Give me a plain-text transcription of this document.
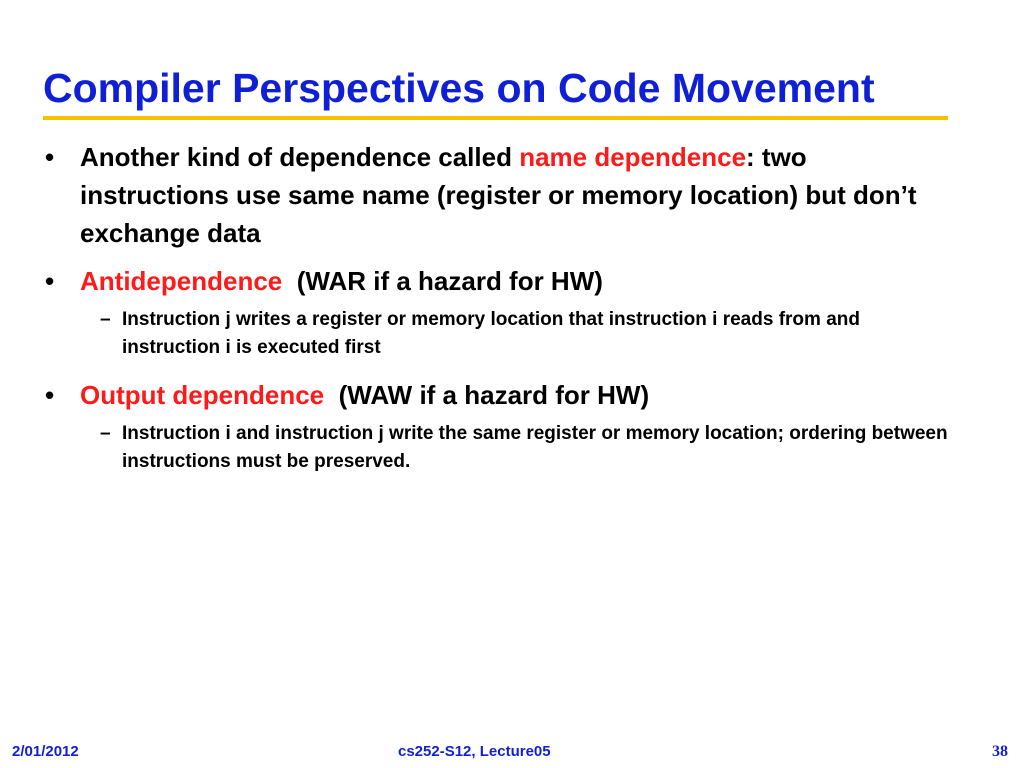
Compiler Perspectives on Code Movement
• Another kind of dependence called name dependence: two instructions use same name (register or memory location) but don’t exchange data
• Antidependence  (WAR if a hazard for HW)
– Instruction j writes a register or memory location that instruction i reads from and instruction i is executed first
• Output dependence  (WAW if a hazard for HW)
– Instruction i and instruction j write the same register or memory location; ordering between instructions must be preserved.
2/01/2012	cs252-S12, Lecture05	38
